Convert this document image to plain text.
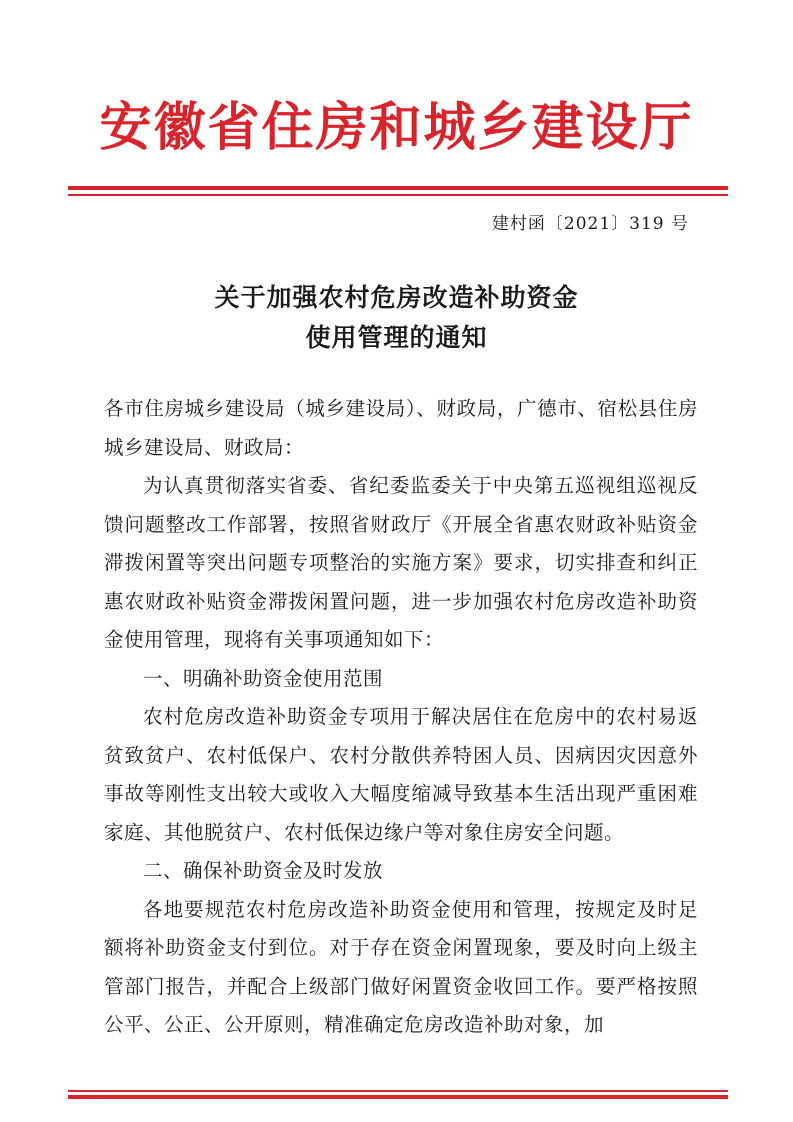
安徽省住房和城乡建设厅
建村函〔2021〕319 号
关于加强农村危房改造补助资金
使用管理的通知

各市住房城乡建设局（城乡建设局）、财政局，广德市、宿松县住房城乡建设局、财政局：

为认真贯彻落实省委、省纪委监委关于中央第五巡视组巡视反馈问题整改工作部署，按照省财政厅《开展全省惠农财政补贴资金滞拨闲置等突出问题专项整治的实施方案》要求，切实排查和纠正惠农财政补贴资金滞拨闲置问题，进一步加强农村危房改造补助资金使用管理，现将有关事项通知如下：

一、明确补助资金使用范围

农村危房改造补助资金专项用于解决居住在危房中的农村易返贫致贫户、农村低保户、农村分散供养特困人员、因病因灾因意外事故等刚性支出较大或收入大幅度缩减导致基本生活出现严重困难家庭、其他脱贫户、农村低保边缘户等对象住房安全问题。

二、确保补助资金及时发放

各地要规范农村危房改造补助资金使用和管理，按规定及时足额将补助资金支付到位。对于存在资金闲置现象，要及时向上级主管部门报告，并配合上级部门做好闲置资金收回工作。要严格按照公平、公正、公开原则，精准确定危房改造补助对象，加
